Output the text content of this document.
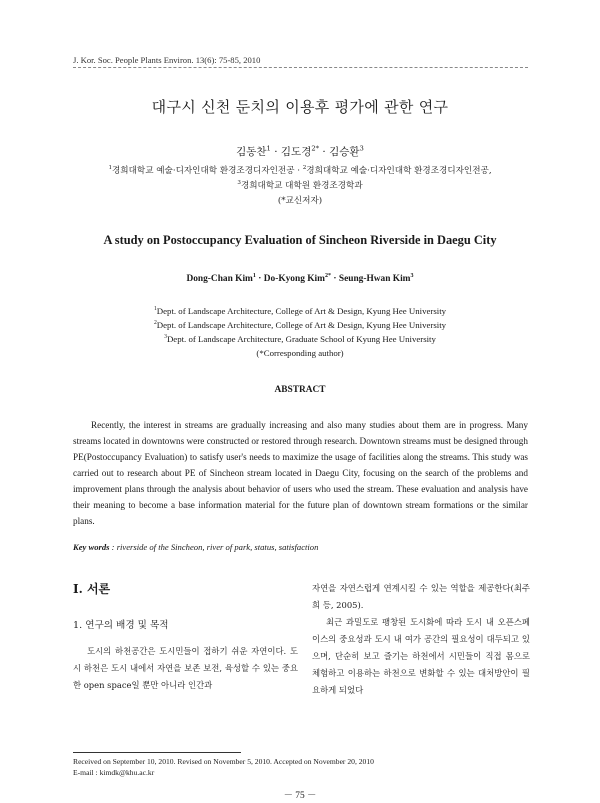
J. Kor. Soc. People Plants Environ. 13(6): 75-85, 2010
대구시 신천 둔치의 이용후 평가에 관한 연구
김동찬$^1$ · 김도경$^{2*}$ · 김승환$^3$
$^1$경희대학교 예술·디자인대학 환경조경디자인전공 · $^2$경희대학교 예술·디자인대학 환경조경디자인전공,
$^3$경희대학교 대학원 환경조경학과
(*교신저자)
A study on Postoccupancy Evaluation of Sincheon Riverside in Daegu City
Dong-Chan Kim$^1$ · Do-Kyong Kim$^{2*}$ · Seung-Hwan Kim$^3$
$^1$Dept. of Landscape Architecture, College of Art & Design, Kyung Hee University
$^2$Dept. of Landscape Architecture, College of Art & Design, Kyung Hee University
$^3$Dept. of Landscape Architecture, Graduate School of Kyung Hee University
(*Corresponding author)
ABSTRACT

Recently, the interest in streams are gradually increasing and also many studies about them are in progress. Many streams located in downtowns were constructed or restored through research. Downtown streams must be designed through PE(Postoccupancy Evaluation) to satisfy user's needs to maximize the usage of facilities along the streams. This study was carried out to research about PE of Sincheon stream located in Daegu City, focusing on the search of the problems and improvement plans through the analysis about behavior of users who used the stream. These evaluation and analysis have their meaning to become a base information material for the future plan of downtown stream formations or the similar plans.

Key words : riverside of the Sincheon, river of park, status, satisfaction
Ⅰ. 서론
1. 연구의 배경 및 목적

도시의 하천공간은 도시민들이 접하기 쉬운 자연이다. 도시 하천은 도시 내에서 자연을 보존 보전, 육성할 수 있는 중요한 open space일 뿐만 아니라 인간과

자연을 자연스럽게 연계시킬 수 있는 역할을 제공한다(최주희 등, 2005).

최근 과밀도로 팽창된 도시화에 따라 도시 내 오픈스페이스의 중요성과 도시 내 여가 공간의 필요성이 대두되고 있으며, 단순히 보고 즐기는 하천에서 시민들이 직접 몸으로 체험하고 이용하는 하천으로 변화할 수 있는 대처방안이 필요하게 되었다

Received on September 10, 2010. Revised on November 5, 2010. Accepted on November 20, 2010
E-mail : kimdk@khu.ac.kr
－ 75 －
